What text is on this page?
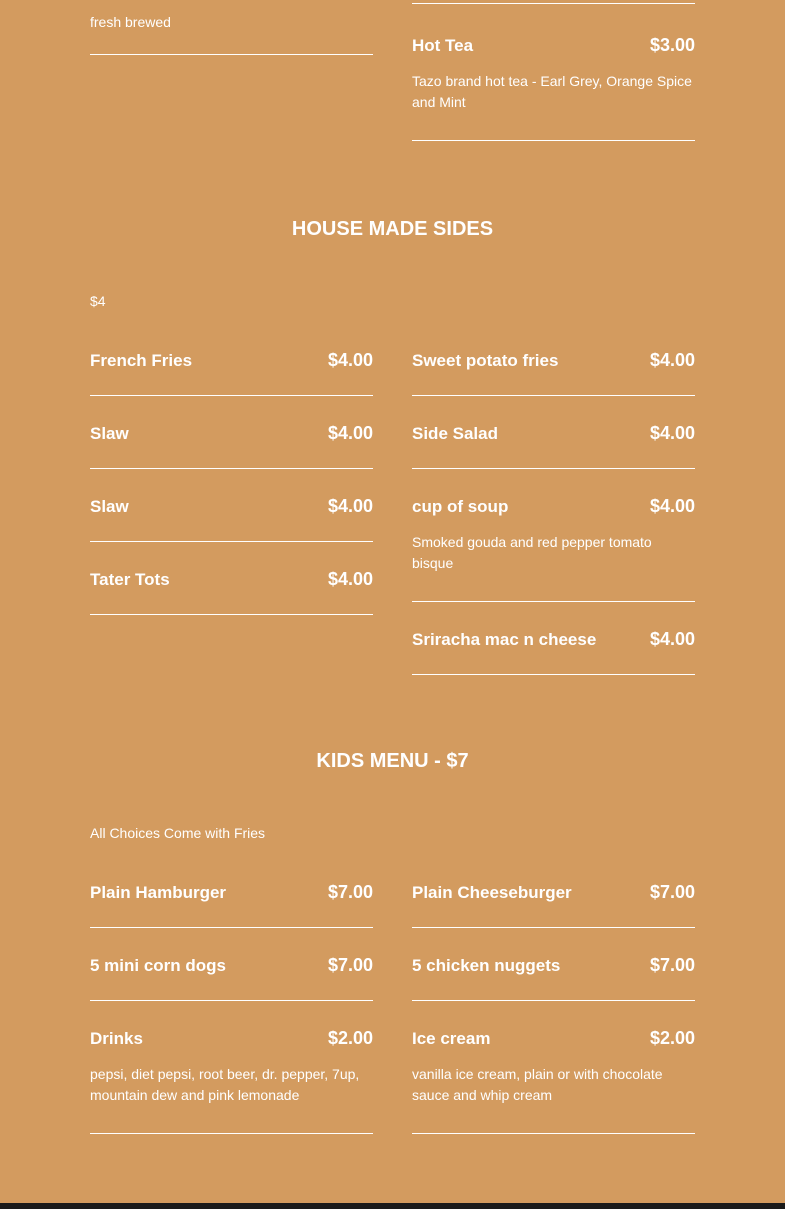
fresh brewed
Hot Tea	$3.00
Tazo brand hot tea - Earl Grey, Orange Spice and Mint
HOUSE MADE SIDES
$4
French Fries	$4.00
Slaw	$4.00
Slaw	$4.00
Tater Tots	$4.00
Sweet potato fries	$4.00
Side Salad	$4.00
cup of soup	$4.00
Smoked gouda and red pepper tomato bisque
Sriracha mac n cheese	$4.00
KIDS MENU - $7
All Choices Come with Fries
Plain Hamburger	$7.00
5 mini corn dogs	$7.00
Drinks	$2.00
pepsi, diet pepsi, root beer, dr. pepper, 7up, mountain dew and pink lemonade
Plain Cheeseburger	$7.00
5 chicken nuggets	$7.00
Ice cream	$2.00
vanilla ice cream, plain or with chocolate sauce and whip cream
